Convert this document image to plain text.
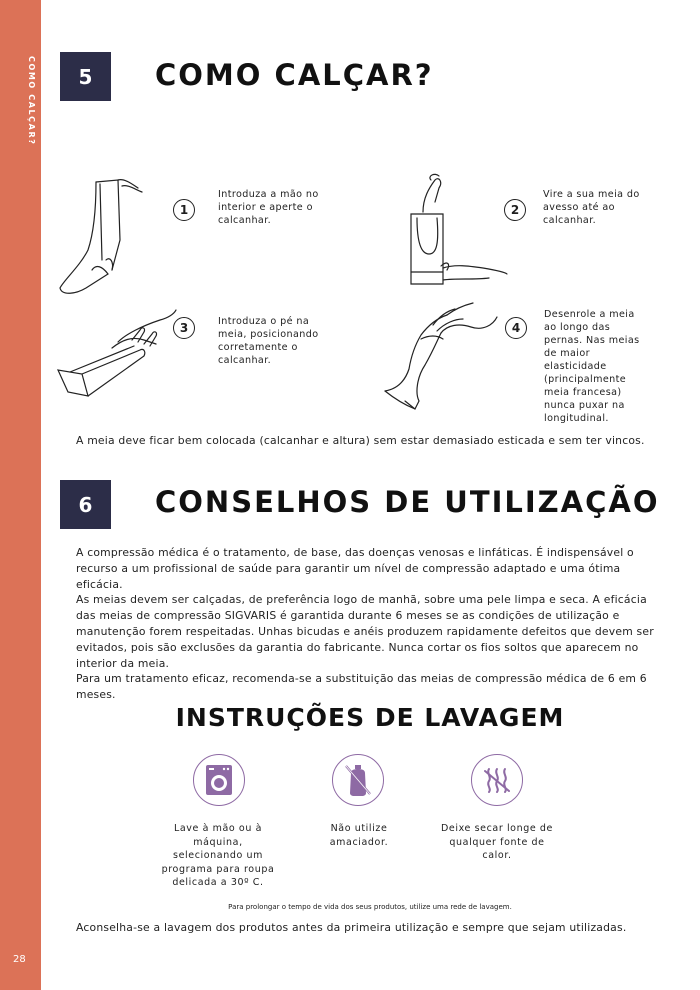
COMO CALÇAR?
28
5	COMO CALÇAR?
1
Introduza a mão no interior e aperte o calcanhar.
2
Vire a sua meia do avesso até ao calcanhar.
3	Introduza o pé na meia, posicionando corretamente o calcanhar.
4
Desenrole a meia ao longo das pernas. Nas meias de maior elasticidade (principalmente meia francesa) nunca puxar na longitudinal.
A meia deve ficar bem colocada (calcanhar e altura) sem estar demasiado esticada e sem ter vincos.
6	CONSELHOS DE UTILIZAÇÃO

A compressão médica é o tratamento, de base, das doenças venosas e linfáticas. É indispensável o recurso a um profissional de saúde para garantir um nível de compressão adaptado e uma ótima eficácia.

As meias devem ser calçadas, de preferência logo de manhã, sobre uma pele limpa e seca. A eficácia das meias de compressão SIGVARIS é garantida durante 6 meses se as condições de utilização e manutenção forem respeitadas. Unhas bicudas e anéis produzem rapidamente defeitos que devem ser evitados, pois são exclusões da garantia do fabricante. Nunca cortar os fios soltos que aparecem no interior da meia.

Para um tratamento eficaz, recomenda-se a substituição das meias de compressão médica de 6 em 6 meses.

INSTRUÇÕES DE LAVAGEM
Lave à mão ou à máquina, selecionando um programa para roupa delicada a 30º C.
Não utilize amaciador.
Deixe secar longe de qualquer fonte de calor.
Para prolongar o tempo de vida dos seus produtos, utilize uma rede de lavagem.
Aconselha-se a lavagem dos produtos antes da primeira utilização e sempre que sejam utilizadas.
